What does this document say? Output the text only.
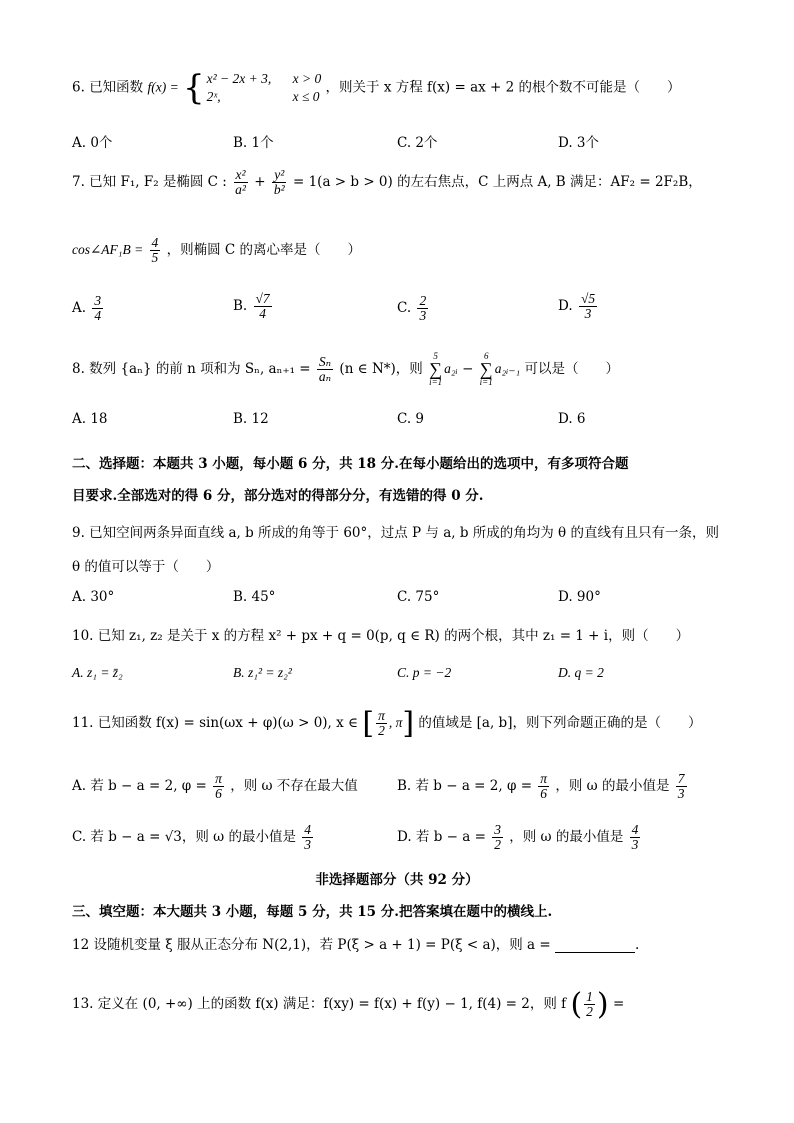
6. 已知函数 f(x) = { x² − 2x + 3, x > 0
2ˣ,	x ≤ 0
，则关于 x 方程 f(x) = ax + 2 的根个数不可能是（　　）
A. 0个	B. 1个	C. 2个	D. 3个
7. 已知 F₁, F₂ 是椭圆 C : $\frac{\text{x²}}{\text{a²}} + \frac{\text{y²}}{\text{b²}} = 1(a > b > 0)$ 的左右焦点，C 上两点 A, B 满足：AF₂ = 2F₂B，
cos∠AF₁B = $\frac{4}{5}$ ，则椭圆 C 的离心率是（　　）
A. $\frac{3}{4}$	B. $\frac{√7}{4}$	C. $\frac{2}{3}$	D. $\frac{√5}{3}$
8. 数列 {aₙ} 的前 n 项和为 Sₙ, $a_{n+1} = \frac{\text{Sₙ}}{\text{aₙ}} (n$ ∈ N*)，则
5
∑
i=1
a₂ᵢ −
6
∑
i=1
a₂ᵢ₋₁ 可以是（　　）
A. 18	B. 12	C. 9	D. 6
二、选择题：本题共 3 小题，每小题 6 分，共 18 分.在每小题给出的选项中，有多项符合题
目要求.全部选对的得 6 分，部分选对的得部分分，有选错的得 0 分.
9. 已知空间两条异面直线 a, b 所成的角等于 60°，过点 P 与 a, b 所成的角均为 θ 的直线有且只有一条，则
θ 的值可以等于（　　）
A. 30°	B. 45°	C. 75°	D. 90°
10. 已知 z₁, z₂ 是关于 x 的方程 x² + px + q = 0(p, q ∈ R) 的两个根，其中 z₁ = 1 + i，则（　　）
A. z₁ = z̄₂	B. z₁² = z₂²	C. p = −2	D. q = 2
11. 已知函数 f(x) = sin(ωx + φ)(ω > 0), x ∈ [ $\frac{\pi}{2}$ , π] 的值域是 [a, b]，则下列命题正确的是（　　）
A. 若 b − a = 2, $\varphi = \frac{\pi}{6}$ ，则 ω 不存在最大值	B. 若 b − a = 2, $\varphi = \frac{\pi}{6}$ ，则 ω 的最小值是 $\frac{7}{3}$
C. 若 b − a = √3，则 ω 的最小值是 $\frac{4}{3}$	D. 若 $b - a = \frac{3}{2}$ ，则 ω 的最小值是 $\frac{4}{3}$
非选择题部分（共 92 分）
三、填空题：本大题共 3 小题，每题 5 分，共 15 分.把答案填在题中的横线上.
12 设随机变量 ξ 服从正态分布 N(2,1)，若 P(ξ > a + 1) = P(ξ < a)，则 a =	.
13. 定义在 (0, +∞) 上的函数 f(x) 满足：f(xy) = f(x) + f(y) − 1, f(4) = 2，则 f ( $\frac{1}{2}$ ) =
